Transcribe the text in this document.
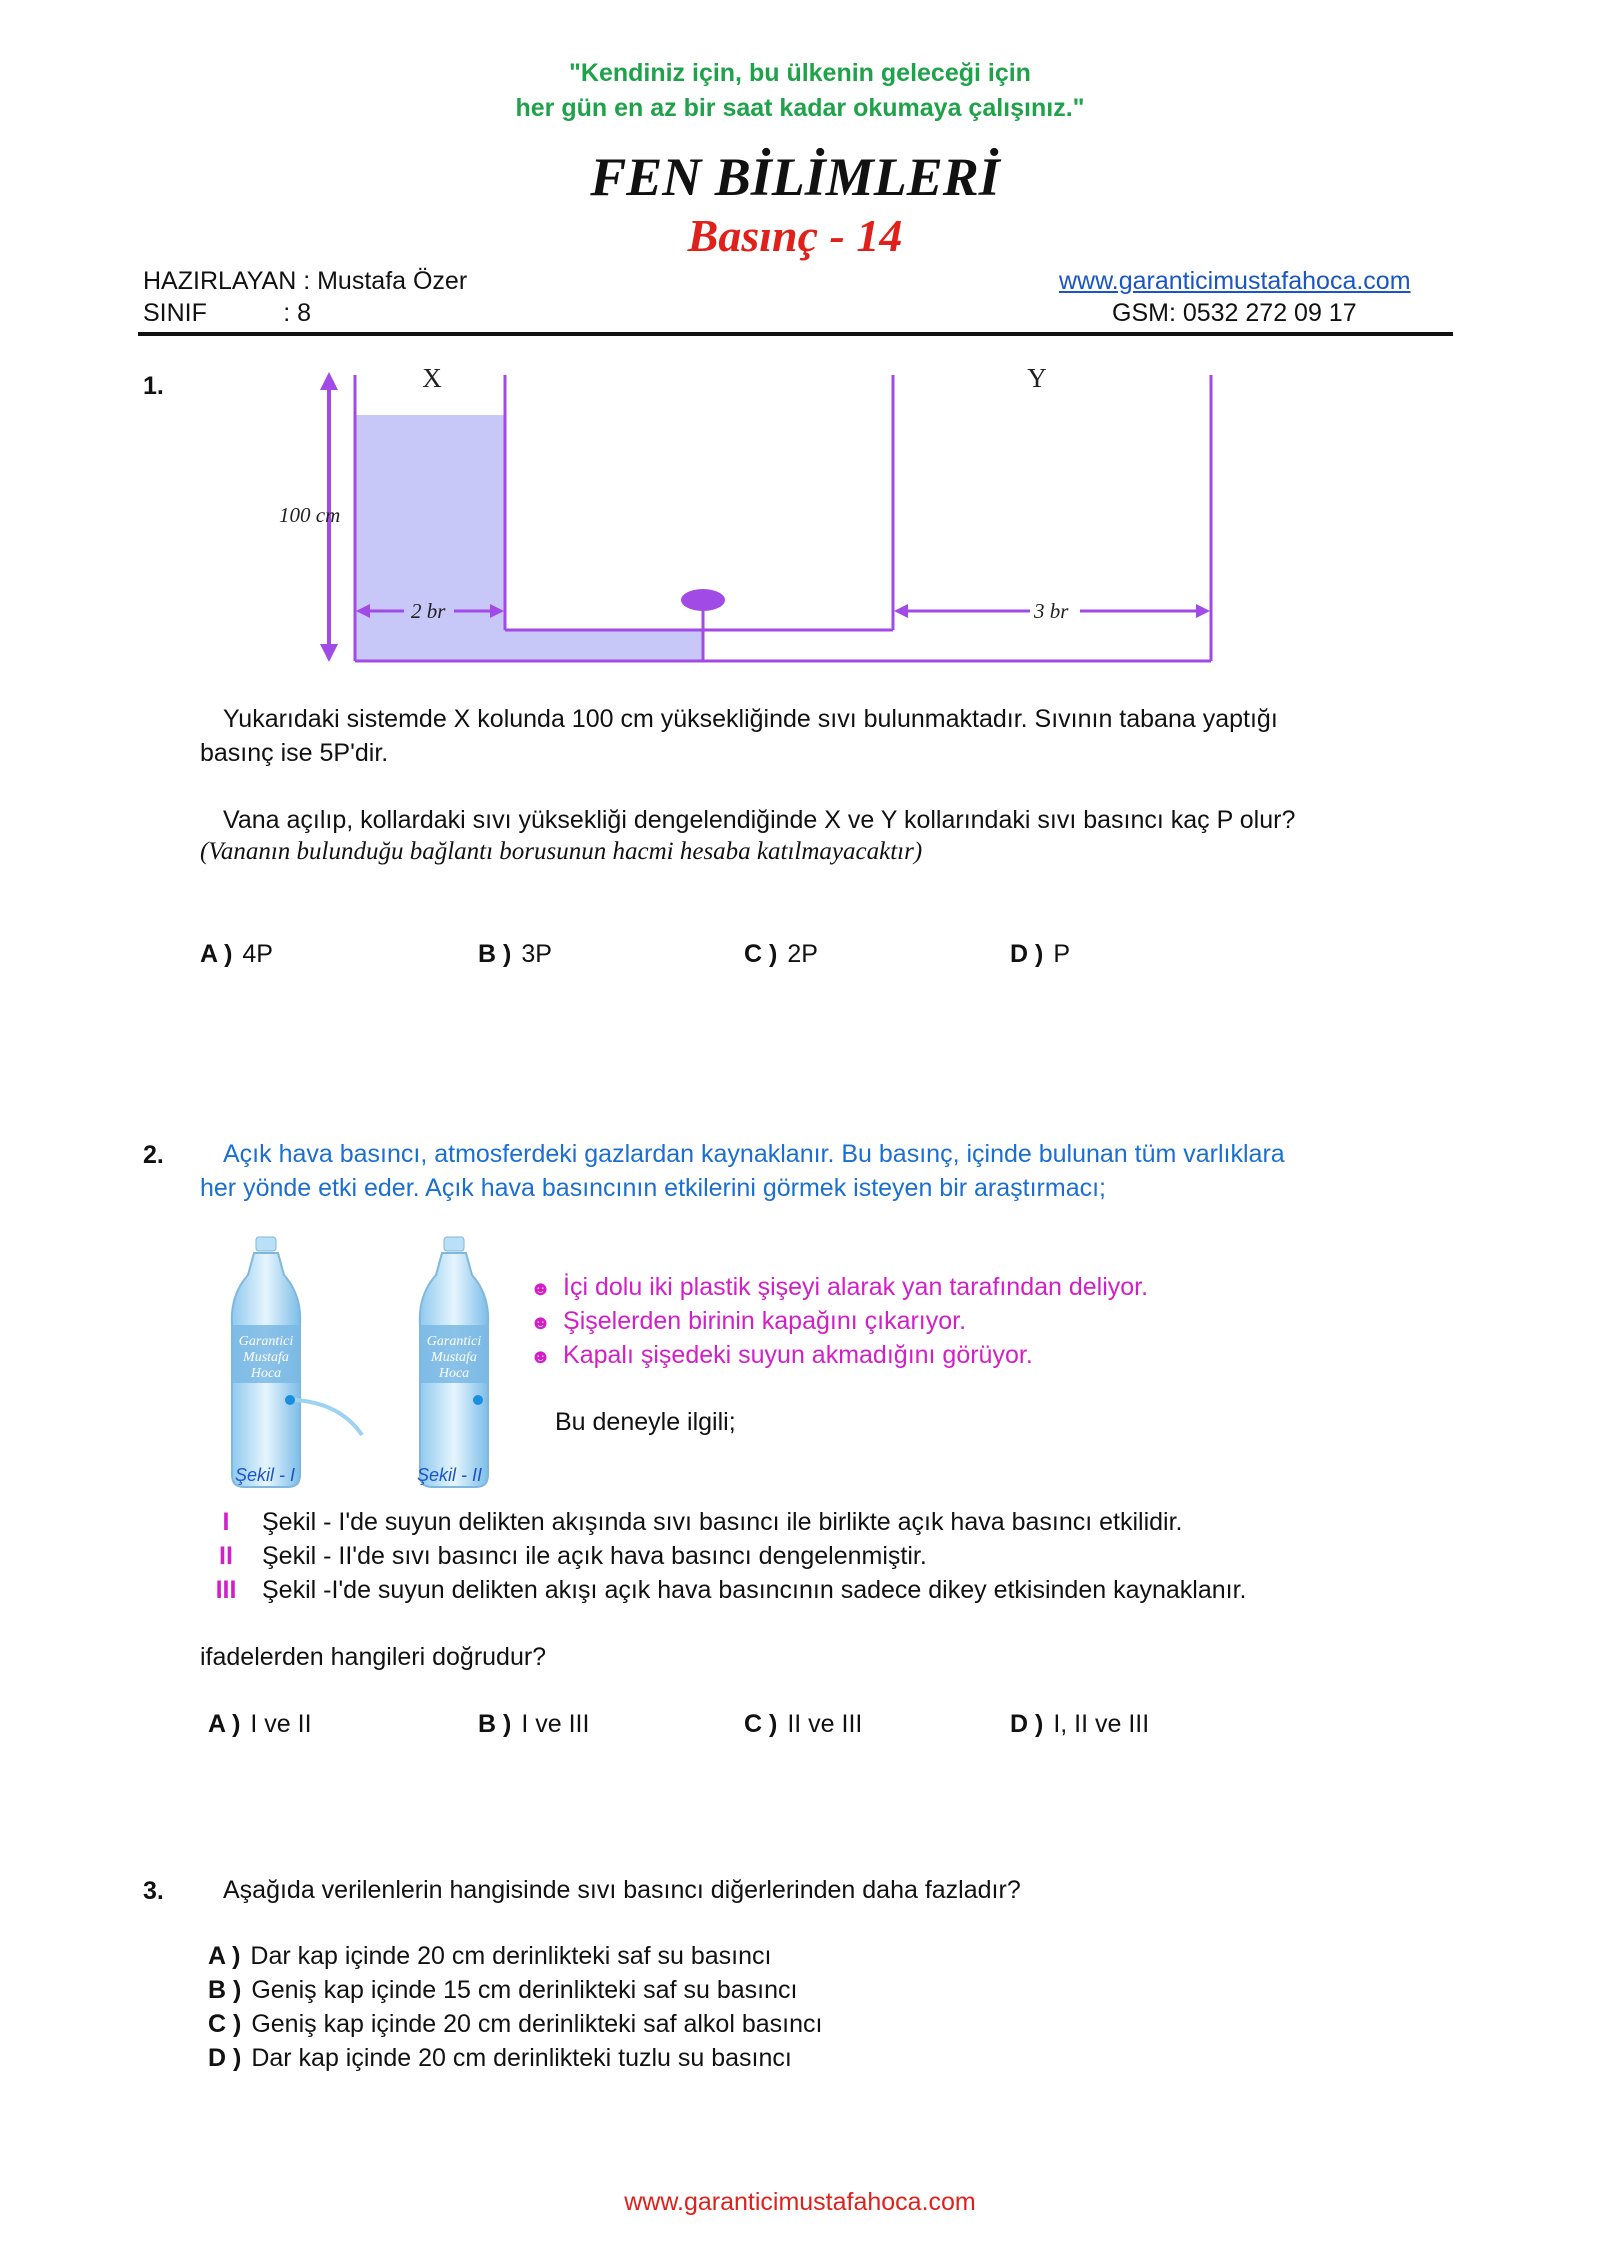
"Kendiniz için, bu ülkenin geleceği için
her gün en az bir saat kadar okumaya çalışınız."
FEN BİLİMLERİ
Basınç - 14
HAZIRLAYAN : Mustafa Özer
SINIF           : 8
www.garanticimustafahoca.com
GSM: 0532 272 09 17
1.	X	Y
100 cm
2 br	3 br
Yukarıdaki sistemde X kolunda 100 cm yüksekliğinde sıvı bulunmaktadır. Sıvının tabana yaptığı
basınç ise 5P'dir.
Vana açılıp, kollardaki sıvı yüksekliği dengelendiğinde X ve Y kollarındaki sıvı basıncı kaç P olur?
(Vananın bulunduğu bağlantı borusunun hacmi hesaba katılmayacaktır)
A ) 4P	B ) 3P	C ) 2P	D ) P
2. Açık hava basıncı, atmosferdeki gazlardan kaynaklanır. Bu basınç, içinde bulunan tüm varlıklara
her yönde etki eder. Açık hava basıncının etkilerini görmek isteyen bir araştırmacı;
Garantici
Mustafa
Hoca
Garantici
Mustafa
Hoca
Şekil - I	Şekil - II
☻ İçi dolu iki plastik şişeyi alarak yan tarafından deliyor.
☻ Şişelerden birinin kapağını çıkarıyor.
☻ Kapalı şişedeki suyun akmadığını görüyor.
Bu deneyle ilgili;
I Şekil - I'de suyun delikten akışında sıvı basıncı ile birlikte açık hava basıncı etkilidir.
II Şekil - II'de sıvı basıncı ile açık hava basıncı dengelenmiştir.
III Şekil -I'de suyun delikten akışı açık hava basıncının sadece dikey etkisinden kaynaklanır.
ifadelerden hangileri doğrudur?
A ) I ve II	B ) I ve III	C ) II ve III	D ) I, II ve III
3. Aşağıda verilenlerin hangisinde sıvı basıncı diğerlerinden daha fazladır?
A ) Dar kap içinde 20 cm derinlikteki saf su basıncı
B ) Geniş kap içinde 15 cm derinlikteki saf su basıncı
C ) Geniş kap içinde 20 cm derinlikteki saf alkol basıncı
D ) Dar kap içinde 20 cm derinlikteki tuzlu su basıncı
www.garanticimustafahoca.com
